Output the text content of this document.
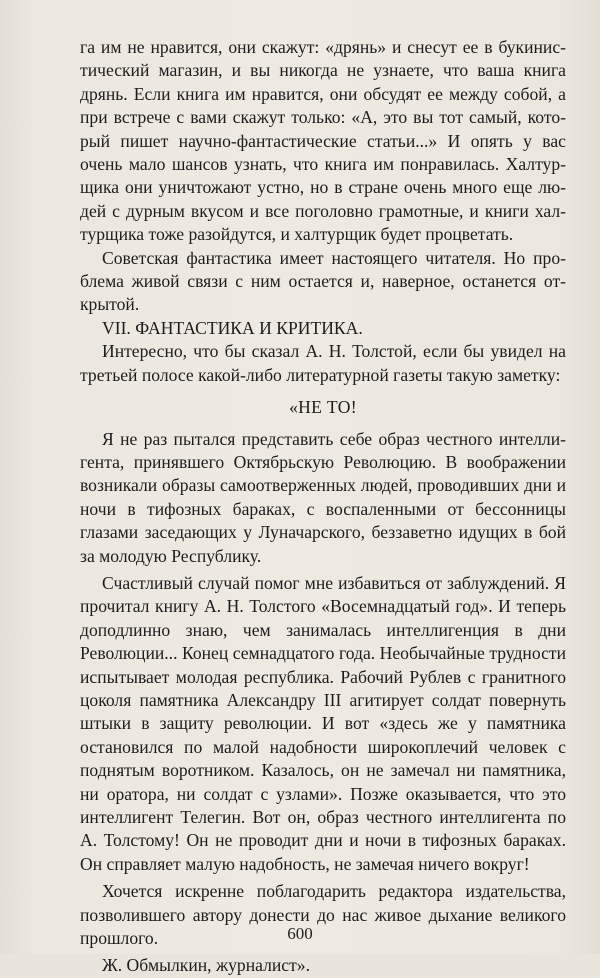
га им не нравится, они скажут: «дрянь» и снесут ее в букинистический магазин, и вы никогда не узнаете, что ваша книга дрянь. Если книга им нравится, они обсудят ее между собой, а при встрече с вами скажут только: «А, это вы тот самый, который пишет научно-фантастические статьи...» И опять у вас очень мало шансов узнать, что книга им понравилась. Халтурщика они уничтожают устно, но в стране очень много еще людей с дурным вкусом и все поголовно грамотные, и книги халтурщика тоже разойдутся, и халтурщик будет процветать.

Советская фантастика имеет настоящего читателя. Но проблема живой связи с ним остается и, наверное, останется открытой.

VII. ФАНТАСТИКА И КРИТИКА.

Интересно, что бы сказал А. Н. Толстой, если бы увидел на третьей полосе какой-либо литературной газеты такую заметку:

«НЕ ТО!

Я не раз пытался представить себе образ честного интеллигента, принявшего Октябрьскую Революцию. В воображении возникали образы самоотверженных людей, проводивших дни и ночи в тифозных бараках, с воспаленными от бессонницы глазами заседающих у Луначарского, беззаветно идущих в бой за молодую Республику.

Счастливый случай помог мне избавиться от заблуждений. Я прочитал книгу А. Н. Толстого «Восемнадцатый год». И теперь доподлинно знаю, чем занималась интеллигенция в дни Революции... Конец семнадцатого года. Необычайные трудности испытывает молодая республика. Рабочий Рублев с гранитного цоколя памятника Александру III агитирует солдат повернуть штыки в защиту революции. И вот «здесь же у памятника остановился по малой надобности широкоплечий человек с поднятым воротником. Казалось, он не замечал ни памятника, ни оратора, ни солдат с узлами». Позже оказывается, что это интеллигент Телегин. Вот он, образ честного интеллигента по А. Толстому! Он не проводит дни и ночи в тифозных бараках. Он справляет малую надобность, не замечая ничего вокруг!

Хочется искренне поблагодарить редактора издательства, позволившего автору донести до нас живое дыхание великого прошлого.

Ж. Обмылкин, журналист».

600
